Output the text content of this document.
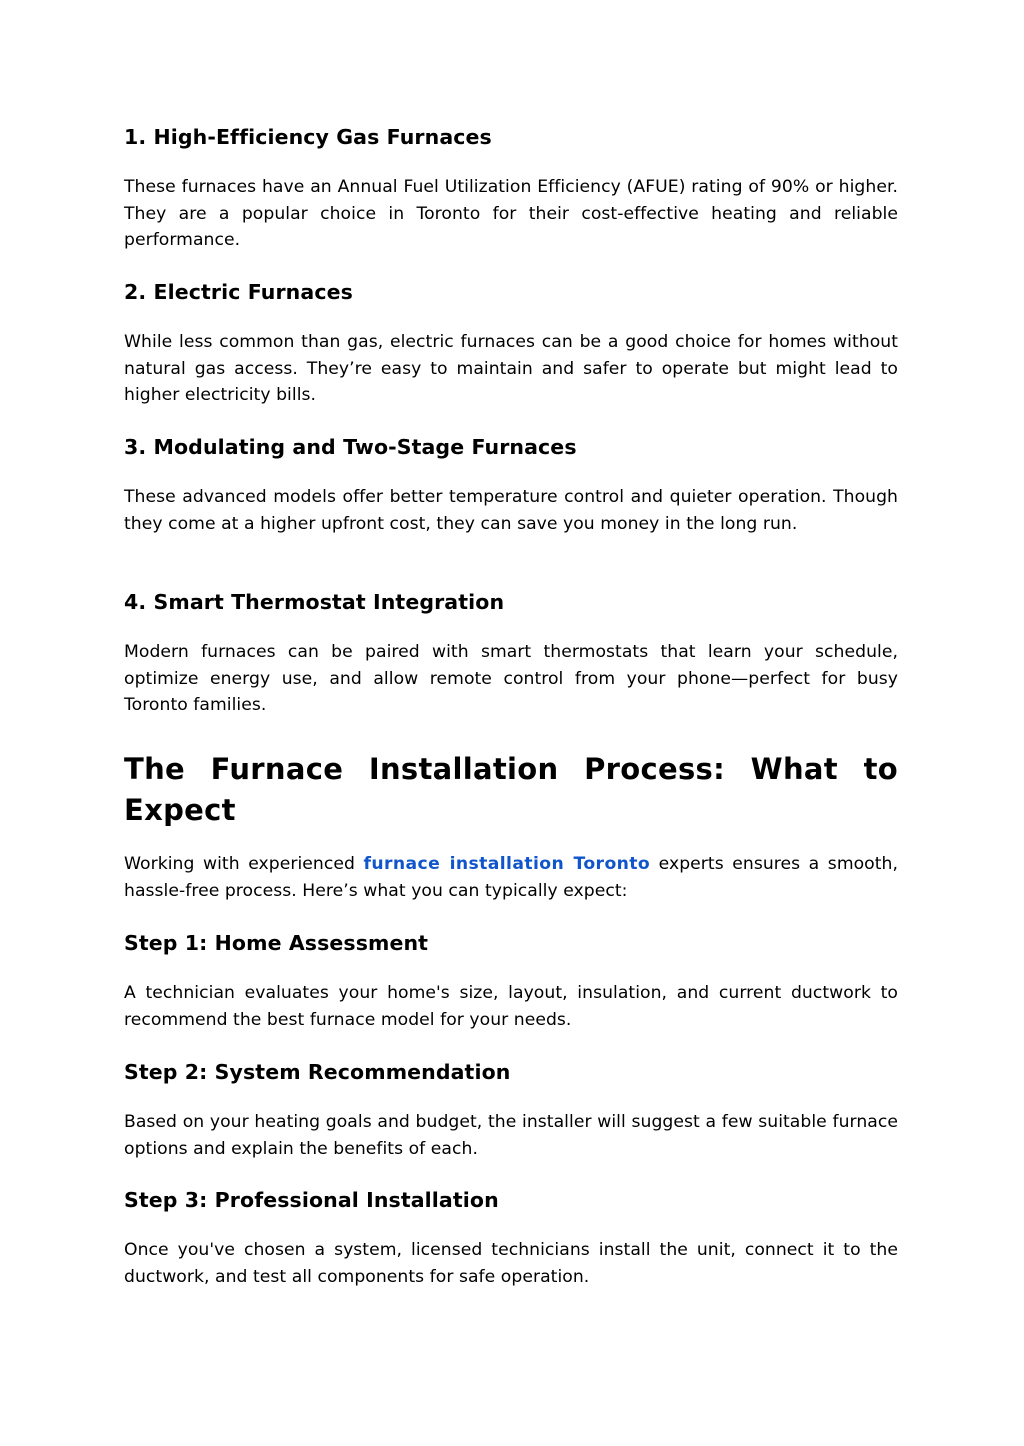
1. High-Efficiency Gas Furnaces

These furnaces have an Annual Fuel Utilization Efficiency (AFUE) rating of 90% or higher. They are a popular choice in Toronto for their cost-effective heating and reliable performance.

2. Electric Furnaces

While less common than gas, electric furnaces can be a good choice for homes without natural gas access. They’re easy to maintain and safer to operate but might lead to higher electricity bills.

3. Modulating and Two-Stage Furnaces

These advanced models offer better temperature control and quieter operation. Though they come at a higher upfront cost, they can save you money in the long run.

4. Smart Thermostat Integration

Modern furnaces can be paired with smart thermostats that learn your schedule, optimize energy use, and allow remote control from your phone—perfect for busy Toronto families.

The Furnace Installation Process: What to Expect

Working with experienced furnace installation Toronto experts ensures a smooth, hassle-free process. Here’s what you can typically expect:

Step 1: Home Assessment

A technician evaluates your home's size, layout, insulation, and current ductwork to recommend the best furnace model for your needs.

Step 2: System Recommendation

Based on your heating goals and budget, the installer will suggest a few suitable furnace options and explain the benefits of each.

Step 3: Professional Installation

Once you've chosen a system, licensed technicians install the unit, connect it to the ductwork, and test all components for safe operation.
